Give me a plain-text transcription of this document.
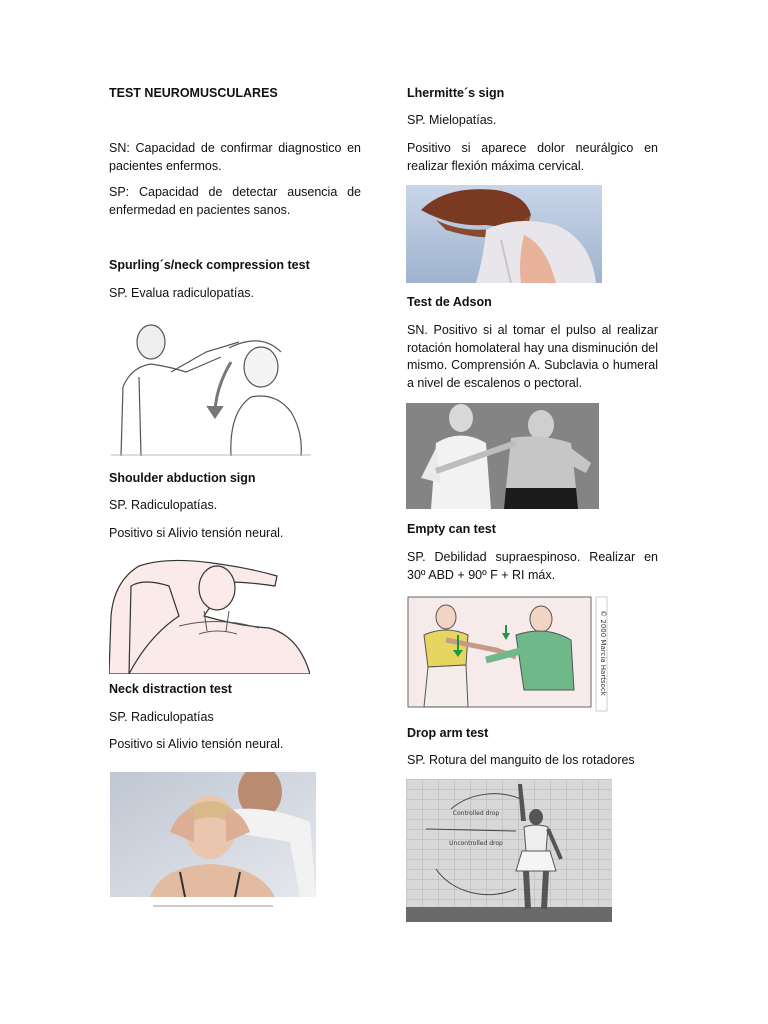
TEST NEUROMUSCULARES

SN: Capacidad de confirmar diagnostico en pacientes enfermos.

SP: Capacidad de detectar ausencia de enfermedad en pacientes sanos.

Spurling´s/neck compression test

SP. Evalua radiculopatías.

Shoulder abduction sign

SP. Radiculopatías.

Positivo si Alivio tensión neural.

Neck distraction test

SP. Radiculopatías

Positivo si Alivio tensión neural.

Lhermitte´s sign

SP. Mielopatías.

Positivo si aparece dolor neurálgico en realizar flexión máxima cervical.

Test de Adson

SN. Positivo si al tomar el pulso al realizar rotación homolateral hay una disminución del mismo. Comprensión A. Subclavia o humeral a nivel de escalenos o pectoral.

Empty can test

SP. Debilidad supraespinoso. Realizar en 30º ABD + 90º F + RI máx.

© 2000 Marcia Hartsock

Drop arm test

SP. Rotura del manguito de los rotadores

Controlled drop
Uncontrolled drop
